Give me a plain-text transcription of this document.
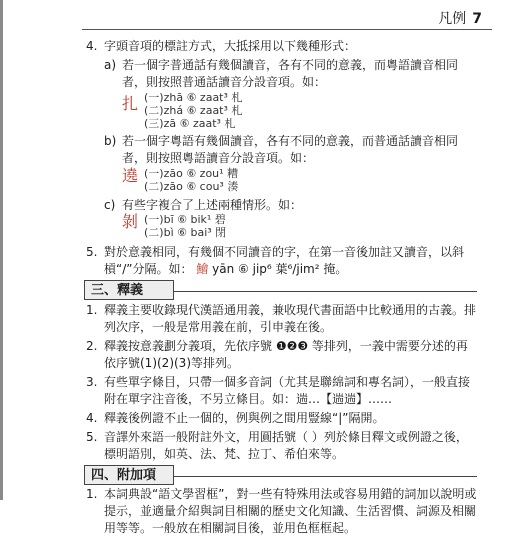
凡例 7
4. 字頭音項的標註方式，大抵採用以下幾種形式：
a) 若一個字普通話有幾個讀音，各有不同的意義，而粵語讀音相同者，則按照普通話讀音分設音項。如：
扎 (一)zhā ⑥ zaat³ 札
(二)zhá ⑥ zaat³ 札
(三)zā ⑥ zaat³ 札
b) 若一個字粵語有幾個讀音，各有不同的意義，而普通話讀音相同者，則按照粵語讀音分設音項。如：
遶 (一)zāo ⑥ zou¹ 糟
(二)zāo ⑥ cou³ 湊
c) 有些字複合了上述兩種情形。如：
剝 (一)bī ⑥ bik¹ 碧
(二)bì ⑥ bai³ 閉
5. 對於意義相同，有幾個不同讀音的字，在第一音後加註又讀音，以斜槓“/”分隔。如： 鱠 yān ⑥ jip⁶ 葉⁶/jim² 掩。
三、釋義
1. 釋義主要收錄現代漢語通用義，兼收現代書面語中比較通用的古義。排列次序，一般是常用義在前，引申義在後。
2. 釋義按意義劃分義項，先依序號 ❶❷❸ 等排列，一義中需要分述的再依序號(1)(2)(3)等排列。
3. 有些單字條目，只帶一個多音詞（尤其是聯綿詞和專名詞），一般直接附在單字注音後，不另立條目。如：遄…【遄遄】……
4. 釋義後例證不止一個的，例與例之間用豎線“|”隔開。
5. 音譯外來語一般附註外文，用圓括號（ ）列於條目釋文或例證之後，標明語別，如英、法、梵、拉丁、希伯來等。
四、附加項
1. 本詞典設“語文學習框”，對一些有特殊用法或容易用錯的詞加以說明或提示，並適量介紹與詞目相關的歷史文化知識、生活習慣、詞源及相關用等等。一般放在相關詞目後，並用色框框起。
